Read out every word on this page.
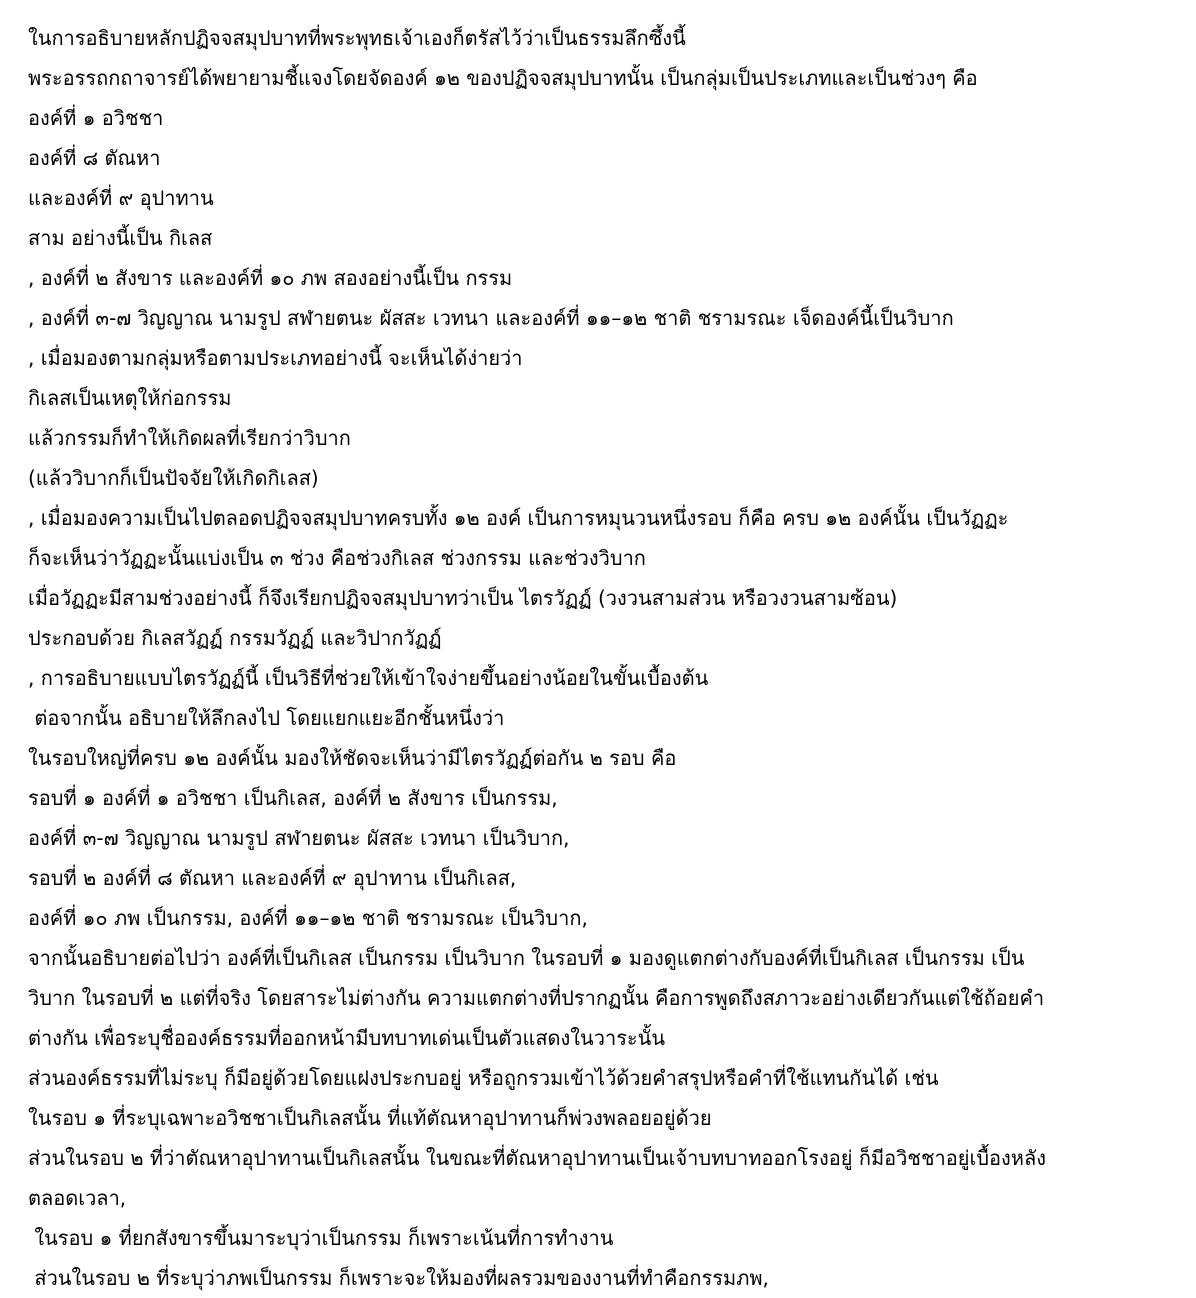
ในการอธิบายหลักปฏิจจสมุปบาทที่พระพุทธเจ้าเองก็ตรัสไว้ว่าเป็นธรรมลึกซึ้งนี้
พระอรรถกถาจารย์ได้พยายามชี้แจงโดยจัดองค์ ๑๒ ของปฏิจจสมุปบาทนั้น เป็นกลุ่มเป็นประเภทและเป็นช่วงๆ คือ
องค์ที่ ๑ อวิชชา
องค์ที่ ๘ ตัณหา
และองค์ที่ ๙ อุปาทาน
สาม อย่างนี้เป็น กิเลส
, องค์ที่ ๒ สังขาร และองค์ที่ ๑๐ ภพ สองอย่างนี้เป็น กรรม
, องค์ที่ ๓-๗ วิญญาณ นามรูป สฬายตนะ ผัสสะ เวทนา และองค์ที่ ๑๑–๑๒ ชาติ ชรามรณะ เจ็ดองค์นี้เป็นวิบาก
, เมื่อมองตามกลุ่มหรือตามประเภทอย่างนี้ จะเห็นได้ง่ายว่า
กิเลสเป็นเหตุให้ก่อกรรม
แล้วกรรมก็ทำให้เกิดผลที่เรียกว่าวิบาก
(แล้ววิบากก็เป็นปัจจัยให้เกิดกิเลส)
, เมื่อมองความเป็นไปตลอดปฏิจจสมุปบาทครบทั้ง ๑๒ องค์ เป็นการหมุนวนหนึ่งรอบ ก็คือ ครบ ๑๒ องค์นั้น เป็นวัฏฏะ
ก็จะเห็นว่าวัฏฏะนั้นแบ่งเป็น ๓ ช่วง คือช่วงกิเลส ช่วงกรรม และช่วงวิบาก
เมื่อวัฏฏะมีสามช่วงอย่างนี้ ก็จึงเรียกปฏิจจสมุปบาทว่าเป็น ไตรวัฏฏ์ (วงวนสามส่วน หรือวงวนสามซ้อน)
ประกอบด้วย กิเลสวัฏฏ์ กรรมวัฏฏ์ และวิปากวัฏฏ์
, การอธิบายแบบไตรวัฏฏ์นี้ เป็นวิธีที่ช่วยให้เข้าใจง่ายขึ้นอย่างน้อยในขั้นเบื้องต้น
ต่อจากนั้น อธิบายให้ลึกลงไป โดยแยกแยะอีกชั้นหนึ่งว่า
ในรอบใหญ่ที่ครบ ๑๒ องค์นั้น มองให้ชัดจะเห็นว่ามีไตรวัฏฏ์ต่อกัน ๒ รอบ คือ
รอบที่ ๑ องค์ที่ ๑ อวิชชา เป็นกิเลส, องค์ที่ ๒ สังขาร เป็นกรรม,
องค์ที่ ๓-๗ วิญญาณ นามรูป สฬายตนะ ผัสสะ เวทนา เป็นวิบาก,
รอบที่ ๒ องค์ที่ ๘ ตัณหา และองค์ที่ ๙ อุปาทาน เป็นกิเลส,
องค์ที่ ๑๐ ภพ เป็นกรรม, องค์ที่ ๑๑–๑๒ ชาติ ชรามรณะ เป็นวิบาก,
จากนั้นอธิบายต่อไปว่า องค์ที่เป็นกิเลส เป็นกรรม เป็นวิบาก ในรอบที่ ๑ มองดูแตกต่างกับองค์ที่เป็นกิเลส เป็นกรรม เป็น
วิบาก ในรอบที่ ๒ แต่ที่จริง โดยสาระไม่ต่างกัน ความแตกต่างที่ปรากฏนั้น คือการพูดถึงสภาวะอย่างเดียวกันแต่ใช้ถ้อยคำ
ต่างกัน เพื่อระบุชื่อองค์ธรรมที่ออกหน้ามีบทบาทเด่นเป็นตัวแสดงในวาระนั้น
ส่วนองค์ธรรมที่ไม่ระบุ ก็มีอยู่ด้วยโดยแฝงประกบอยู่ หรือถูกรวมเข้าไว้ด้วยคำสรุปหรือคำที่ใช้แทนกันได้ เช่น
ในรอบ ๑ ที่ระบุเฉพาะอวิชชาเป็นกิเลสนั้น ที่แท้ตัณหาอุปาทานก็พ่วงพลอยอยู่ด้วย
ส่วนในรอบ ๒ ที่ว่าตัณหาอุปาทานเป็นกิเลสนั้น ในขณะที่ตัณหาอุปาทานเป็นเจ้าบทบาทออกโรงอยู่ ก็มีอวิชชาอยู่เบื้องหลัง
ตลอดเวลา,
ในรอบ ๑ ที่ยกสังขารขึ้นมาระบุว่าเป็นกรรม ก็เพราะเน้นที่การทำงาน
ส่วนในรอบ ๒ ที่ระบุว่าภพเป็นกรรม ก็เพราะจะให้มองที่ผลรวมของงานที่ทำคือกรรมภพ,
